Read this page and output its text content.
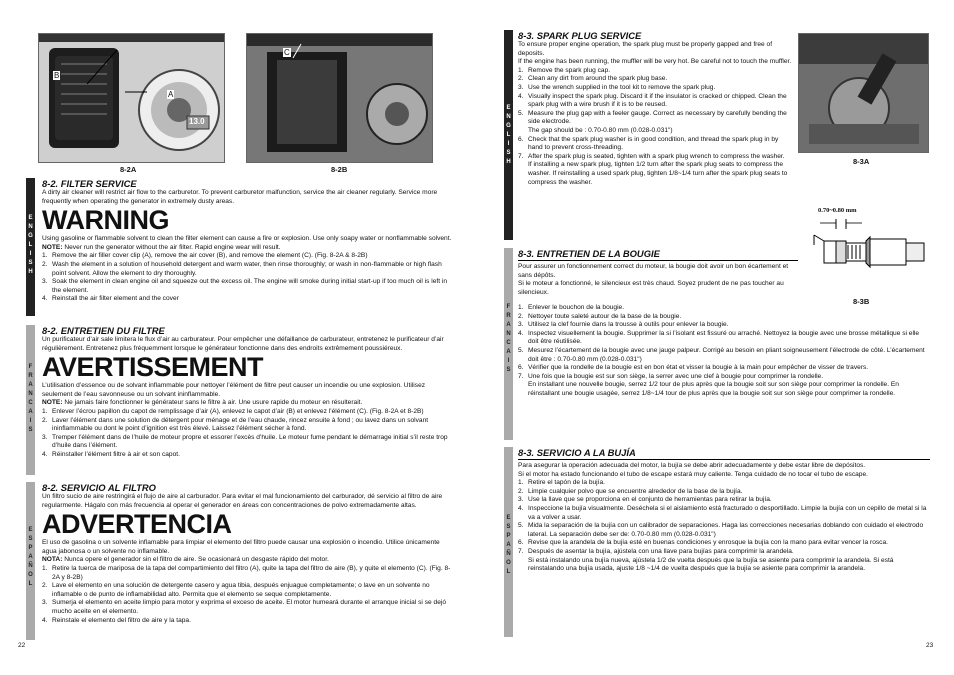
A
B
13.0
8-2A
C
8-2B
E
N
G
L
I
S
H
8-2. FILTER SERVICE
A dirty air cleaner will restrict air flow to the carburetor. To prevent carburetor malfunction, service the air cleaner regularly. Service more frequently when operating the generator in extremely dusty areas.
WARNING
Using gasoline or flammable solvent to clean the filter element can cause a fire or explosion. Use only soapy water or nonflammable solvent.
NOTE: Never run the generator without the air filter. Rapid engine wear will result.
1. Remove the air filler cover clip (A), remove the air cover (B), and remove the element (C). (Fig. 8-2A & 8-2B)
2. Wash the element in a solution of household detergent and warm water, then rinse thoroughly; or wash in non-flammable or high flash point solvent. Allow the element to dry thoroughly.
3. Soak the element in clean engine oil and squeeze out the excess oil. The engine will smoke during initial start-up if too much oil is left in the element.
4. Reinstall the air filter element and the cover
F
R
A
N
C
A
I
S
8-2. ENTRETIEN DU FILTRE
Un purificateur d’air sale limitera le flux d’air au carburateur. Pour empêcher une défaillance de carburateur, entretenez le purificateur d’air régulièrement. Entretenez plus fréquemment lorsque le générateur fonctionne dans des endroits extrêmement poussiéreux.
AVERTISSEMENT
L’utilisation d’essence ou de solvant inflammable pour nettoyer l’élément de filtre peut causer un incendie ou une explosion. Utilisez seulement de l’eau savonneuse ou un solvant ininflammable.
NOTE: Ne jamais faire fonctionner le générateur sans le filtre à air. Une usure rapide du moteur en résulterait.
1. Enlever l’écrou papillon du capot de remplissage d’air (A), enlevez le capot d’air (B) et enlevez l’élément (C). (Fig. 8-2A et 8-2B)
2. Laver l’élément dans une solution de détergent pour ménage et de l’eau chaude, rincez ensuite à fond ; ou lavez dans un solvant ininflammable ou dont le point d’ignition est très élevé. Laissez l’élément sécher à fond.
3. Tremper l’élément dans de l’huile de moteur propre et essorer l’excès d’huile. Le moteur fume pendant le démarrage initial s’il reste trop d’huile dans l’élément.
4. Réinstaller l’élément filtre à air et son capot.
E
S
P
A
Ñ
O
L
8-2. SERVICIO AL FILTRO
Un filtro sucio de aire restringirá el flujo de aire al carburador. Para evitar el mal funcionamiento del carburador, dé servicio al filtro de aire regularmente. Hágalo con más frecuencia al operar el generador en áreas con concentraciones de polvo extremadamente altas.
ADVERTENCIA
El uso de gasolina o un solvente inflamable para limpiar el elemento del filtro puede causar una explosión o incendio. Utilice únicamente agua jabonosa o un solvente no inflamable.
NOTA: Nunca opere el generador sin el filtro de aire. Se ocasionará un desgaste rápido del motor.
1. Retire la tuerca de mariposa de la tapa del compartimiento del filtro (A), quite la tapa del filtro de aire (B), y quite el elemento (C). (Fig. 8-2A y 8-2B)
2. Lave el elemento en una solución de detergente casero y agua tibia, después enjuague completamente; o lave en un solvente no inflamable o de punto de inflamabilidad alto. Permita que el elemento se seque completamente.
3. Sumerja el elemento en aceite limpio para motor y exprima el exceso de aceite. El motor humeará durante el arranque inicial si se dejó mucho aceite en el elemento.
4. Reinstale el elemento del filtro de aire y la tapa.
22
E
N
G
L
I
S
H
8-3. SPARK PLUG SERVICE
To ensure proper engine operation, the spark plug must be properly gapped and free of deposits.
If the engine has been running, the muffler will be very hot. Be careful not to touch the muffler.
1. Remove the spark plug cap.
2. Clean any dirt from around the spark plug base.
3. Use the wrench supplied in the tool kit to remove the spark plug.
4. Visually inspect the spark plug. Discard it if the insulator is cracked or chipped. Clean the spark plug with a wire brush if it is to be reused.
5. Measure the plug gap with a feeler gauge. Correct as necessary by carefully bending the side electrode.
The gap should be : 0.70-0.80 mm (0.028-0.031")
6. Check that the spark plug washer is in good condition, and thread the spark plug in by hand to prevent cross-threading.
7. After the spark plug is seated, tighten with a spark plug wrench to compress the washer.
If installing a new spark plug, tighten 1/2 turn after the spark plug seats to compress the washer. If reinstalling a used spark plug, tighten 1/8~1/4 turn after the spark plug seats to compress the washer.
8-3A
0.70~0.80 mm
8-3B
F
R
A
N
C
A
I
S
8-3. ENTRETIEN DE LA BOUGIE
Pour assurer un fonctionnement correct du moteur, la bougie doit avoir un bon écartement et sans dépôts.
Si le moteur a fonctionné, le silencieux est très chaud. Soyez prudent de ne pas toucher au silencieux.
1. Enlever le bouchon de la bougie.
2. Nettoyer toute saleté autour de la base de la bougie.
3. Utilisez la clef fournie dans la trousse à outils pour enlever la bougie.
4. Inspectez visuellement la bougie. Supprimer la si l’isolant est fissuré ou arraché. Nettoyez la bougie avec une brosse métallique si elle doit être réutilisée.
5. Mesurez l’écartement de la bougie avec une jauge palpeur. Corrigé au besoin en pliant soigneusement l’électrode de côté. L’écartement doit être : 0.70-0.80 mm (0.028-0.031")
6. Vérifier que la rondelle de la bougie est en bon état et visser la bougie à la main pour empêcher de visser de travers.
7. Une fois que la bougie est sur son siège, la serrer avec une clef à bougie pour comprimer la rondelle.
En installant une nouvelle bougie, serrez 1/2 tour de plus après que la bougie soit sur son siège pour comprimer la rondelle. En réinstallant une bougie usagée, serrez 1/8~1/4 tour de plus après que la bougie soit sur son siège pour comprimer la rondelle.
E
S
P
A
Ñ
O
L
8-3. SERVICIO A LA BUJÍA
Para asegurar la operación adecuada del motor, la bujía se debe abrir adecuadamente y debe estar libre de depósitos.
Si el motor ha estado funcionando el tubo de escape estará muy caliente. Tenga cuidado de no tocar el tubo de escape.
1. Retire el tapón de la bujía.
2. Limpie cualquier polvo que se encuentre alrededor de la base de la bujía.
3. Use la llave que se proporciona en el conjunto de herramientas para retirar la bujía.
4. Inspeccione la bujía visualmente. Deséchela si el aislamiento está fracturado o desportillado. Limpie la bujía con un cepillo de metal si la va a volver a usar.
5. Mida la separación de la bujía con un calibrador de separaciones. Haga las correcciones necesarias doblando con cuidado el electrodo lateral. La separación debe ser de: 0.70-0.80 mm (0.028-0.031")
6. Revise que la arandela de la bujía esté en buenas condiciones y enrosque la bujía con la mano para evitar vencer la rosca.
7. Después de asentar la bujía, ajústela con una llave para bujías para comprimir la arandela.
Si está instalando una bujía nueva, ajústela 1/2 de vuelta después que la bujía se asiente para comprimir la arandela. Si está reinstalando una bujía usada, ajuste 1/8 ~1/4 de vuelta después que la bujía se asiente para comprimir la arandela.
23
